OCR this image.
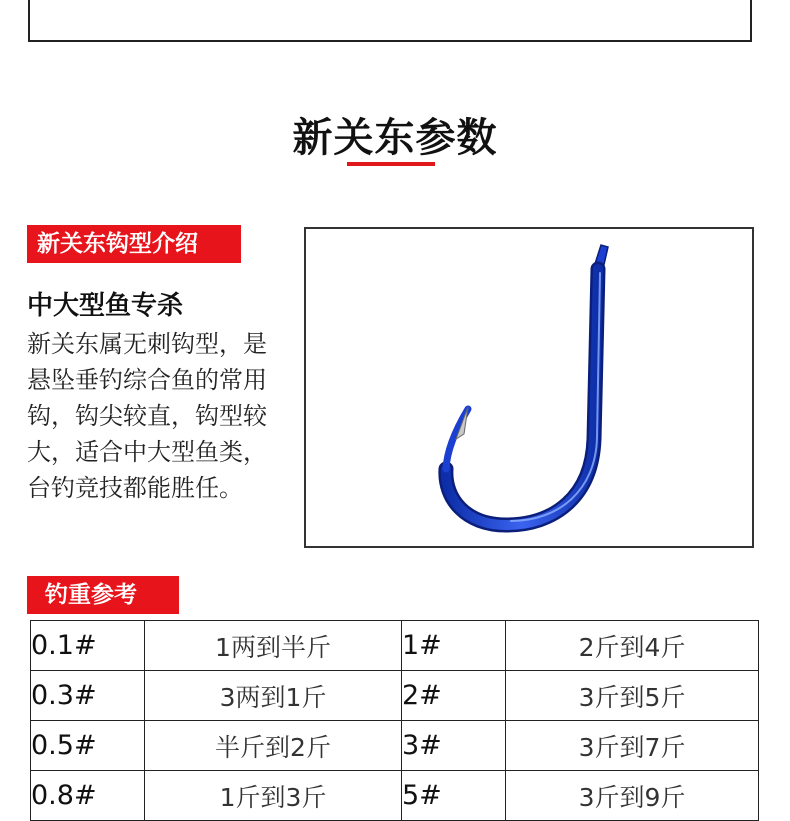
新关东参数
新关东钩型介绍
中大型鱼专杀
新关东属无刺钩型，是
悬坠垂钓综合鱼的常用
钩，钩尖较直，钩型较
大，适合中大型鱼类，
台钓竞技都能胜任。
钓重参考
0.1#	1两到半斤	1#	2斤到4斤
0.3#	3两到1斤	2#	3斤到5斤
0.5#	半斤到2斤	3#	3斤到7斤
0.8#	1斤到3斤	5#	3斤到9斤
